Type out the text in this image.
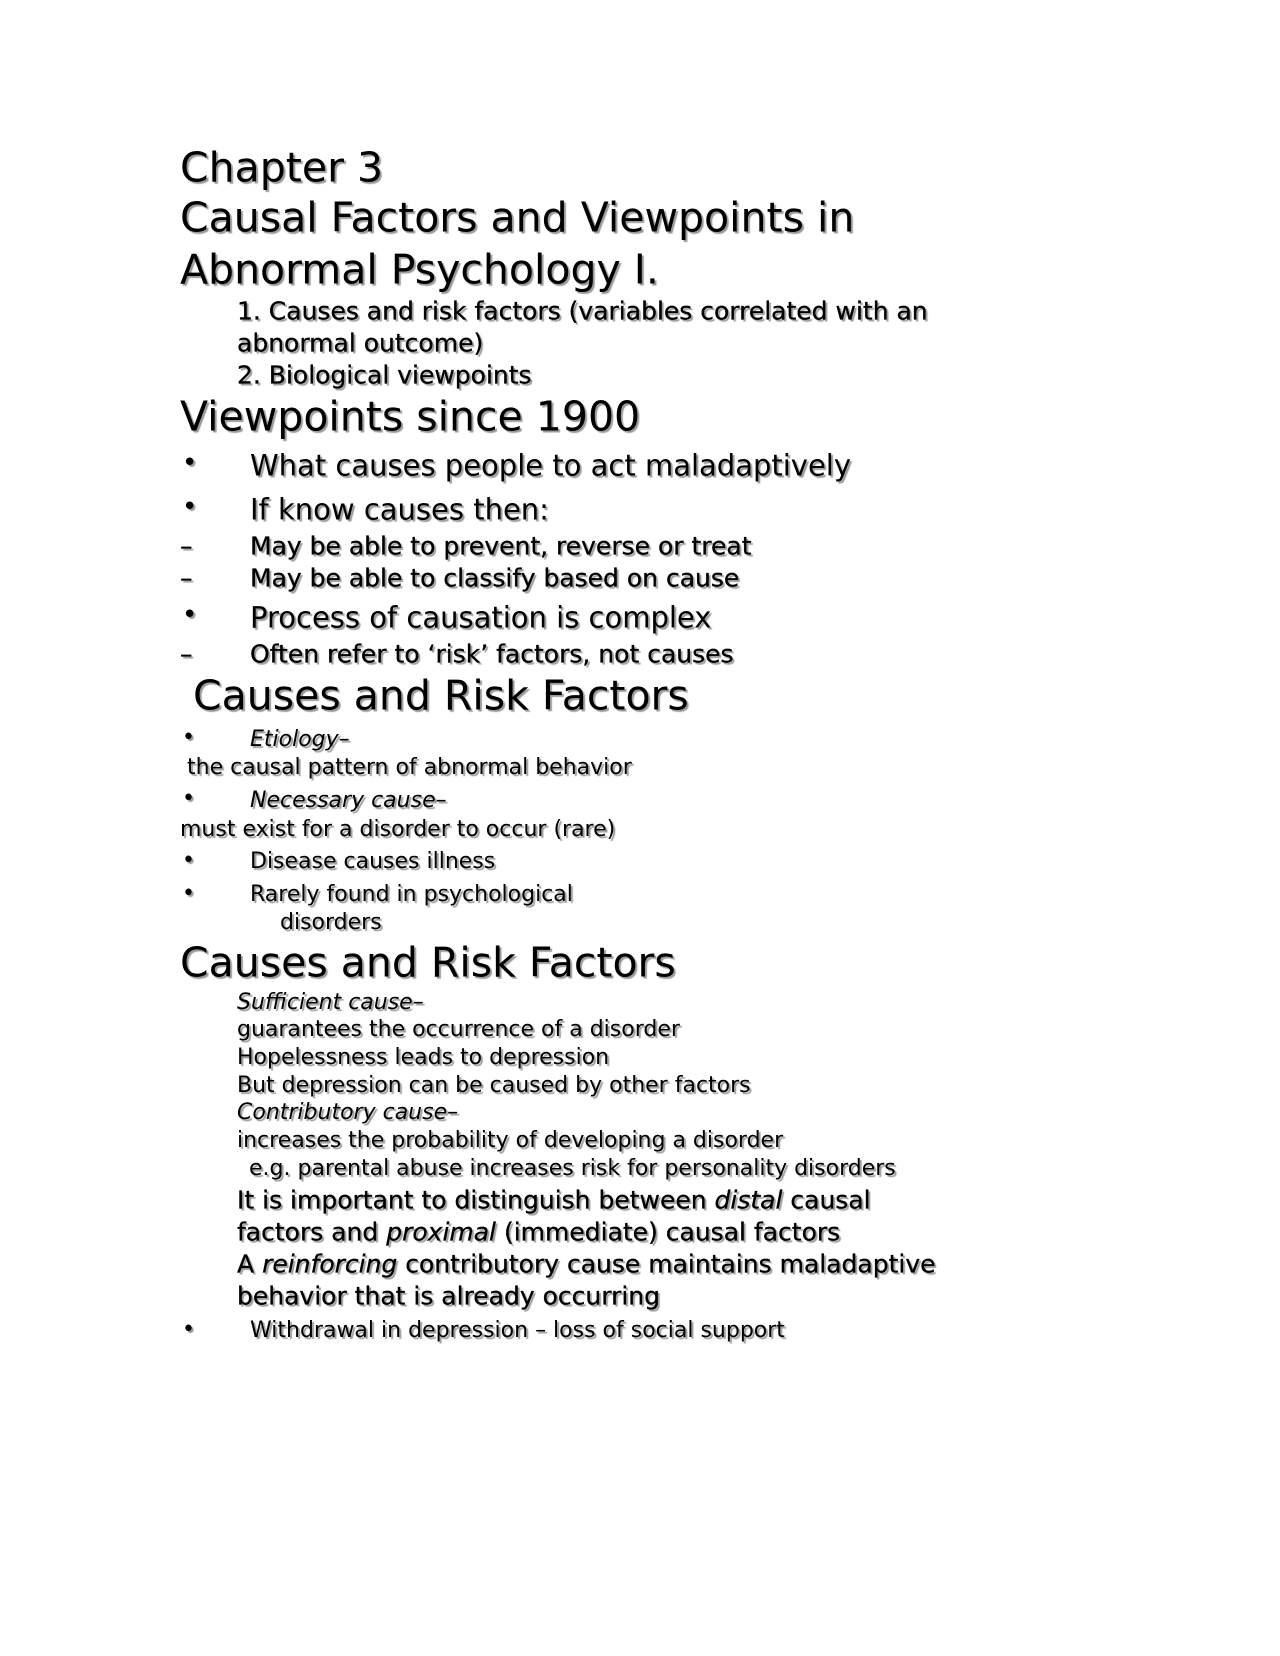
Chapter 3
Causal Factors and Viewpoints in
Abnormal Psychology I.
1. Causes and risk factors (variables correlated with an
abnormal outcome)
2. Biological viewpoints
Viewpoints since 1900
• What causes people to act maladaptively
• If know causes then:
– May be able to prevent, reverse or treat
– May be able to classify based on cause
• Process of causation is complex
– Often refer to ‘risk’ factors, not causes
Causes and Risk Factors
•	Etiology–
the causal pattern of abnormal behavior
•	Necessary cause–
must exist for a disorder to occur (rare)
•	Disease causes illness
•	Rarely found in psychological
disorders
Causes and Risk Factors
Sufficient cause–
guarantees the occurrence of a disorder
Hopelessness leads to depression
But depression can be caused by other factors
Contributory cause–
increases the probability of developing a disorder
e.g. parental abuse increases risk for personality disorders
It is important to distinguish between distal causal
factors and proximal (immediate) causal factors
A reinforcing contributory cause maintains maladaptive
behavior that is already occurring
•	Withdrawal in depression – loss of social support
